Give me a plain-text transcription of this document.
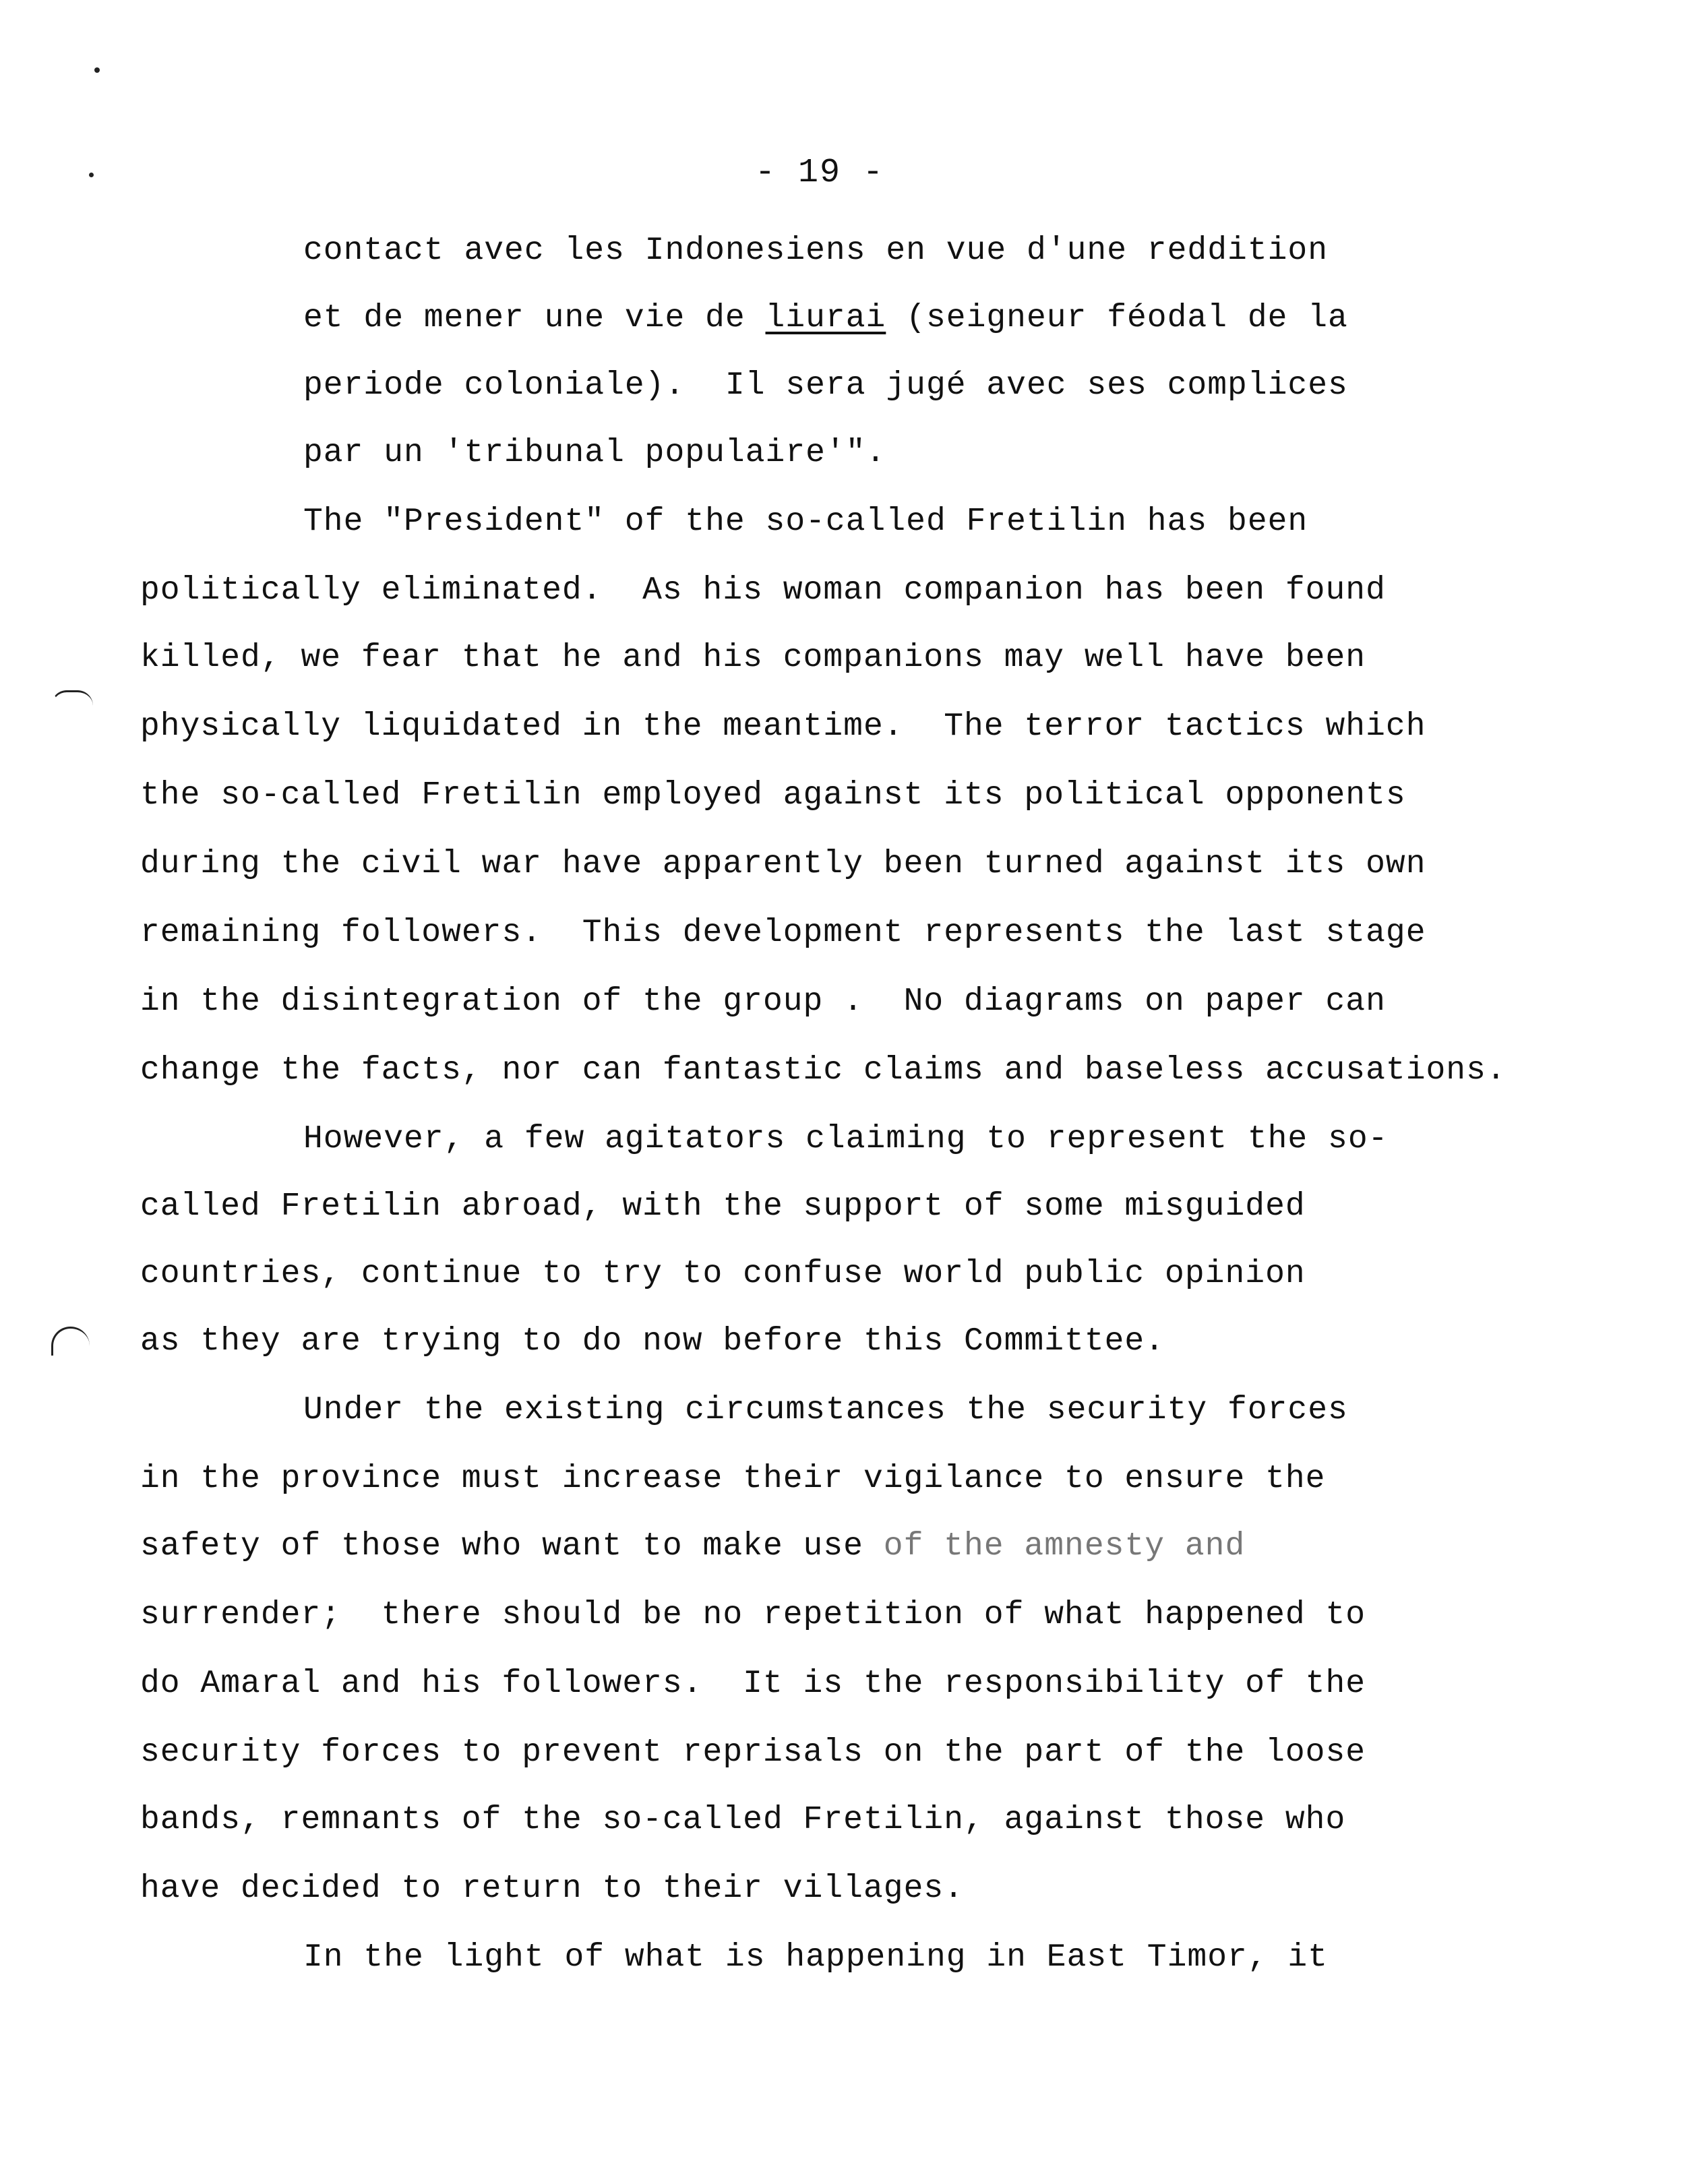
- 19 -
contact avec les Indonesiens en vue d'une reddition
et de mener une vie de liurai (seigneur féodal de la
periode coloniale).  Il sera jugé avec ses complices
par un 'tribunal populaire'".
The "President" of the so-called Fretilin has been
politically eliminated.  As his woman companion has been found
killed, we fear that he and his companions may well have been
physically liquidated in the meantime.  The terror tactics which
the so-called Fretilin employed against its political opponents
during the civil war have apparently been turned against its own
remaining followers.  This development represents the last stage
in the disintegration of the group .  No diagrams on paper can
change the facts, nor can fantastic claims and baseless accusations.
However, a few agitators claiming to represent the so-
called Fretilin abroad, with the support of some misguided
countries, continue to try to confuse world public opinion
as they are trying to do now before this Committee.
Under the existing circumstances the security forces
in the province must increase their vigilance to ensure the
safety of those who want to make use of the amnesty and
surrender;  there should be no repetition of what happened to
do Amaral and his followers.  It is the responsibility of the
security forces to prevent reprisals on the part of the loose
bands, remnants of the so-called Fretilin, against those who
have decided to return to their villages.
In the light of what is happening in East Timor, it
